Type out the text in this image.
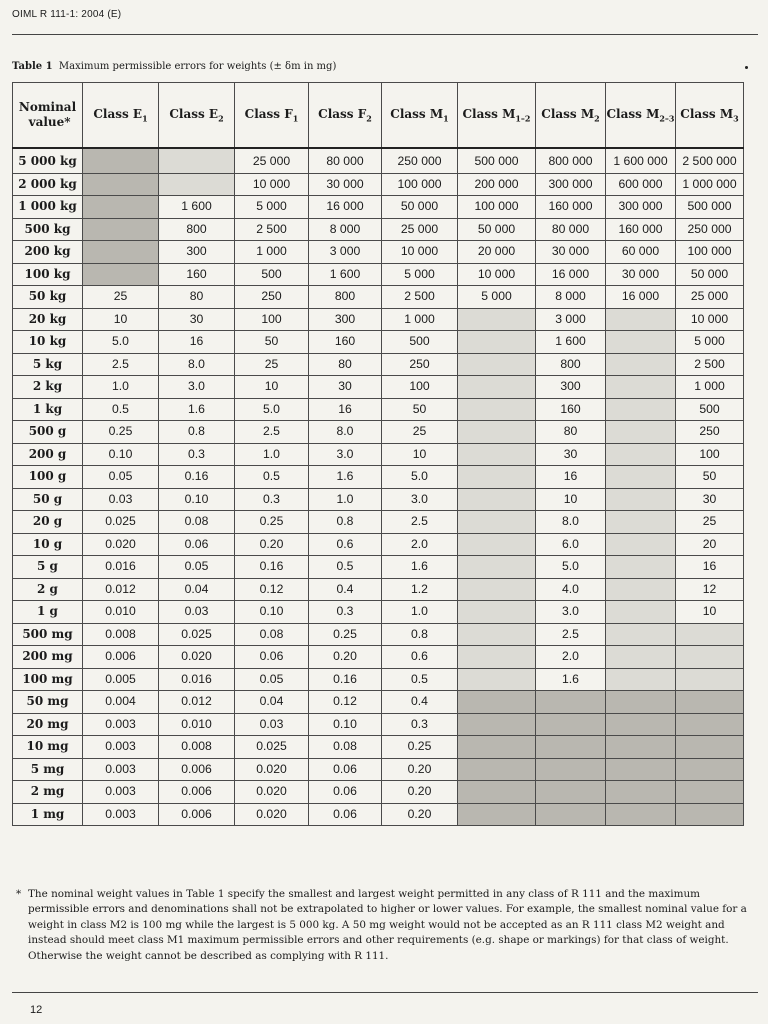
OIML R 111-1: 2004 (E)
Table 1 Maximum permissible errors for weights (± δm in mg)
Nominal
value*	Class $E_1$	Class $E_2$	Class $F_1$	Class $F_2$	Class $M_1$	Class $M_{1-2}$	Class $M_2$	Class $M_{2-3}$	Class $M_3$
5 000 kg			25 000	80 000	250 000	500 000	800 000	1 600 000	2 500 000
2 000 kg			10 000	30 000	100 000	200 000	300 000	600 000	1 000 000
1 000 kg		1 600	5 000	16 000	50 000	100 000	160 000	300 000	500 000
500 kg		800	2 500	8 000	25 000	50 000	80 000	160 000	250 000
200 kg		300	1 000	3 000	10 000	20 000	30 000	60 000	100 000
100 kg		160	500	1 600	5 000	10 000	16 000	30 000	50 000
50 kg	25	80	250	800	2 500	5 000	8 000	16 000	25 000
20 kg	10	30	100	300	1 000		3 000		10 000
10 kg	5.0	16	50	160	500		1 600		5 000
5 kg	2.5	8.0	25	80	250		800		2 500
2 kg	1.0	3.0	10	30	100		300		1 000
1 kg	0.5	1.6	5.0	16	50		160		500
500 g	0.25	0.8	2.5	8.0	25		80		250
200 g	0.10	0.3	1.0	3.0	10		30		100
100 g	0.05	0.16	0.5	1.6	5.0		16		50
50 g	0.03	0.10	0.3	1.0	3.0		10		30
20 g	0.025	0.08	0.25	0.8	2.5		8.0		25
10 g	0.020	0.06	0.20	0.6	2.0		6.0		20
5 g	0.016	0.05	0.16	0.5	1.6		5.0		16
2 g	0.012	0.04	0.12	0.4	1.2		4.0		12
1 g	0.010	0.03	0.10	0.3	1.0		3.0		10
500 mg	0.008	0.025	0.08	0.25	0.8		2.5		
200 mg	0.006	0.020	0.06	0.20	0.6		2.0		
100 mg	0.005	0.016	0.05	0.16	0.5		1.6		
50 mg	0.004	0.012	0.04	0.12	0.4				
20 mg	0.003	0.010	0.03	0.10	0.3				
10 mg	0.003	0.008	0.025	0.08	0.25				
5 mg	0.003	0.006	0.020	0.06	0.20				
2 mg	0.003	0.006	0.020	0.06	0.20				
1 mg	0.003	0.006	0.020	0.06	0.20				
* The nominal weight values in Table 1 specify the smallest and largest weight permitted in any class of R 111 and the maximum permissible errors and denominations shall not be extrapolated to higher or lower values. For example, the smallest nominal value for a weight in class M2 is 100 mg while the largest is 5 000 kg. A 50 mg weight would not be accepted as an R 111 class M2 weight and instead should meet class M1 maximum permissible errors and other requirements (e.g. shape or markings) for that class of weight. Otherwise the weight cannot be described as complying with R 111.
12
